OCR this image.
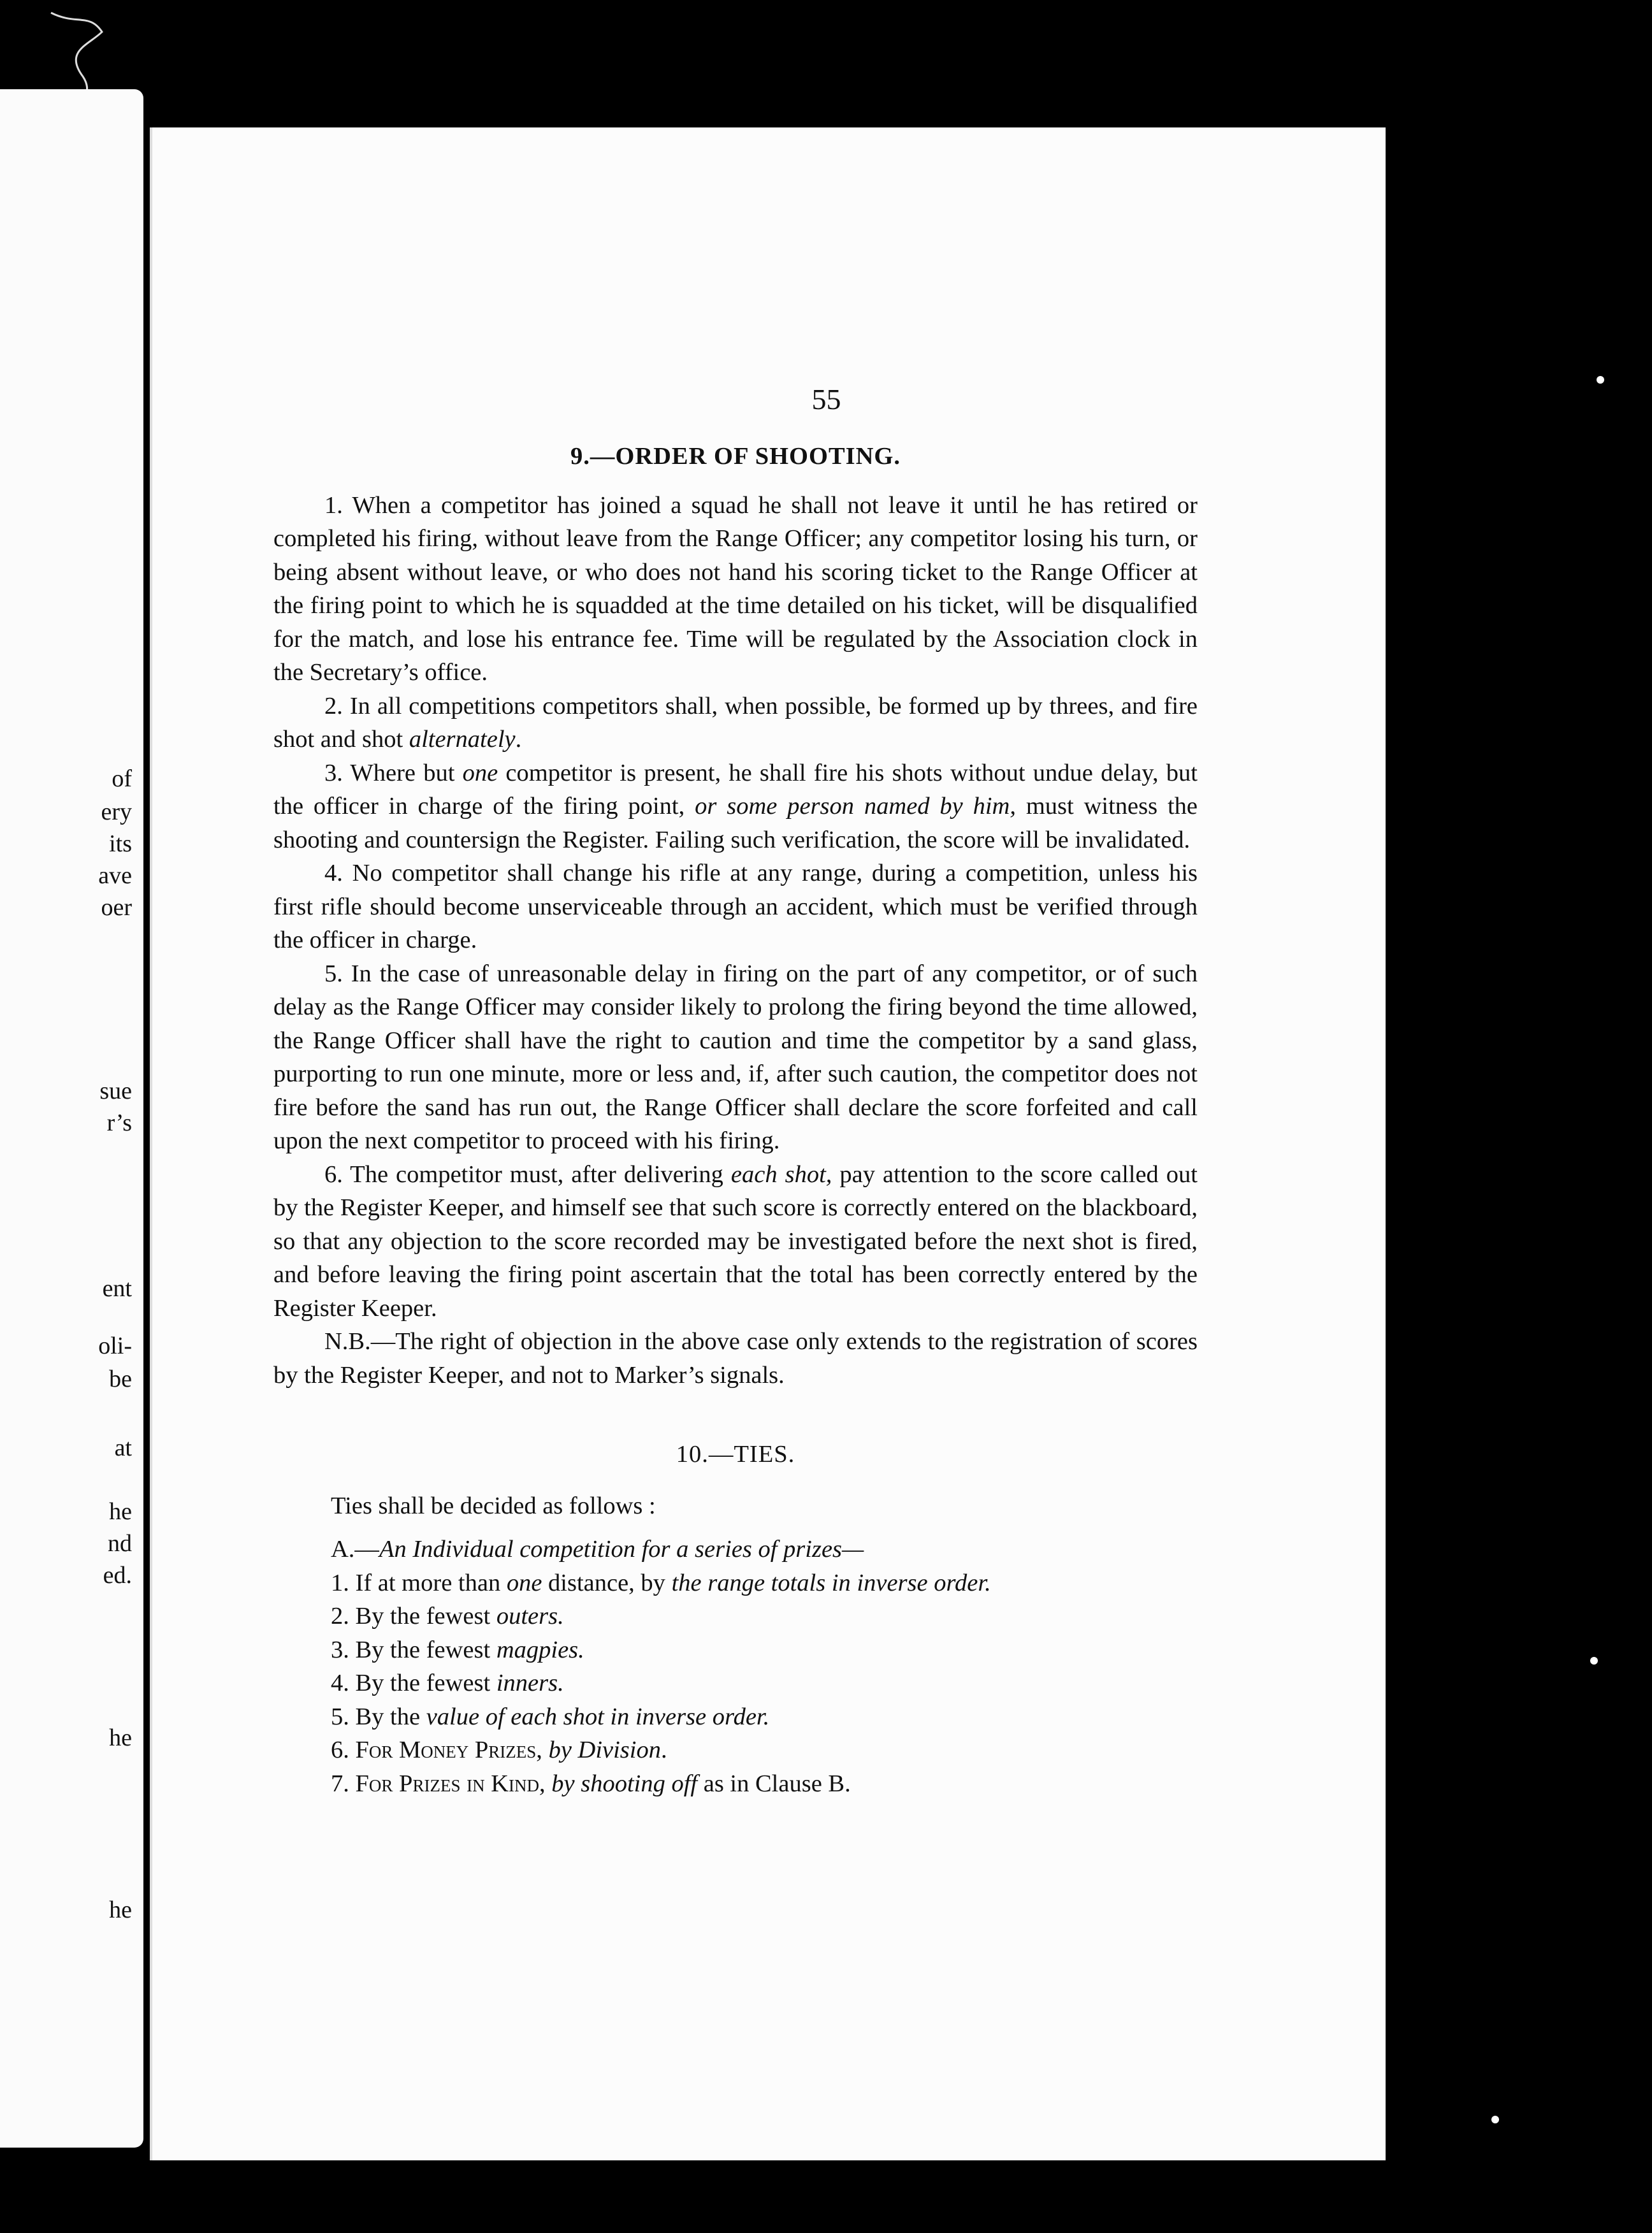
of
ery
its
ave
oer
sue
r’s
ent
oli-
be
at
he
nd
ed.
he
he
55

9.—ORDER OF SHOOTING.

1. When a competitor has joined a squad he shall not leave it until he has retired or completed his firing, without leave from the Range Officer; any competitor losing his turn, or being absent without leave, or who does not hand his scoring ticket to the Range Officer at the firing point to which he is squadded at the time detailed on his ticket, will be disqualified for the match, and lose his entrance fee. Time will be regulated by the Association clock in the Secretary’s office.

2. In all competitions competitors shall, when possible, be formed up by threes, and fire shot and shot alternately.

3. Where but one competitor is present, he shall fire his shots without undue delay, but the officer in charge of the firing point, or some person named by him, must witness the shooting and countersign the Register. Failing such verification, the score will be invalidated.

4. No competitor shall change his rifle at any range, during a competition, unless his first rifle should become unserviceable through an accident, which must be verified through the officer in charge.

5. In the case of unreasonable delay in firing on the part of any competitor, or of such delay as the Range Officer may consider likely to prolong the firing beyond the time allowed, the Range Officer shall have the right to caution and time the competitor by a sand glass, purporting to run one minute, more or less and, if, after such caution, the competitor does not fire before the sand has run out, the Range Officer shall declare the score forfeited and call upon the next competitor to proceed with his firing.

6. The competitor must, after delivering each shot, pay attention to the score called out by the Register Keeper, and himself see that such score is correctly entered on the blackboard, so that any objection to the score recorded may be investigated before the next shot is fired, and before leaving the firing point ascertain that the total has been correctly entered by the Register Keeper.

N.B.—The right of objection in the above case only extends to the registration of scores by the Register Keeper, and not to Marker’s signals.

10.—TIES.

Ties shall be decided as follows :

A.—An Individual competition for a series of prizes—

1. If at more than one distance, by the range totals in inverse order.

2. By the fewest outers.

3. By the fewest magpies.

4. By the fewest inners.

5. By the value of each shot in inverse order.

6. For Money Prizes, by Division.

7. For Prizes in Kind, by shooting off as in Clause B.
